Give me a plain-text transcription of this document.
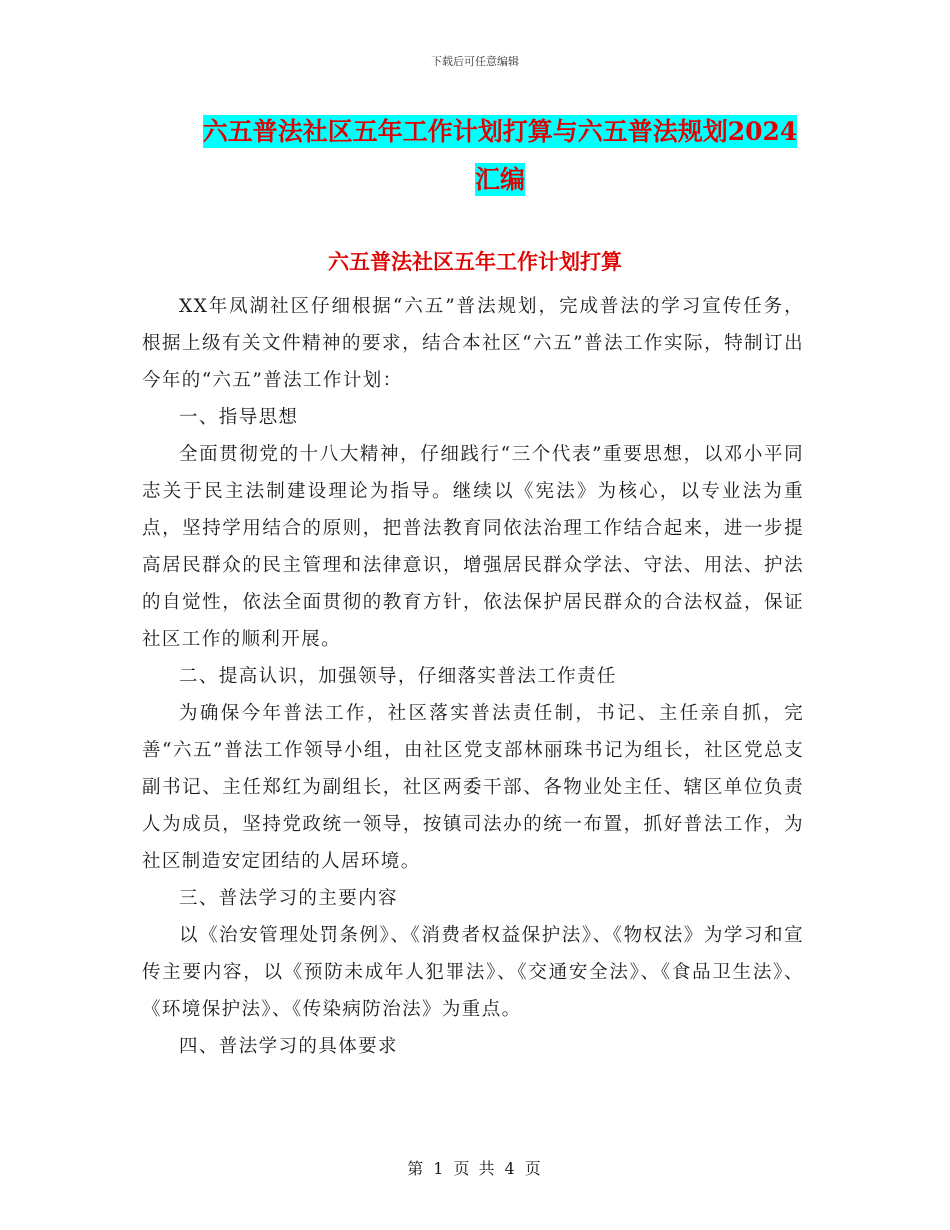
下载后可任意编辑
六五普法社区五年工作计划打算与六五普法规划2024
汇编
六五普法社区五年工作计划打算

XX年凤湖社区仔细根据“六五”普法规划，完成普法的学习宣传任务，根据上级有关文件精神的要求，结合本社区“六五”普法工作实际，特制订出今年的“六五”普法工作计划：

一、指导思想

全面贯彻党的十八大精神，仔细践行“三个代表”重要思想，以邓小平同志关于民主法制建设理论为指导。继续以《宪法》为核心，以专业法为重点，坚持学用结合的原则，把普法教育同依法治理工作结合起来，进一步提高居民群众的民主管理和法律意识，增强居民群众学法、守法、用法、护法的自觉性，依法全面贯彻的教育方针，依法保护居民群众的合法权益，保证社区工作的顺利开展。

二、提高认识，加强领导，仔细落实普法工作责任

为确保今年普法工作，社区落实普法责任制，书记、主任亲自抓，完善“六五”普法工作领导小组，由社区党支部林丽珠书记为组长，社区党总支副书记、主任郑红为副组长，社区两委干部、各物业处主任、辖区单位负责人为成员，坚持党政统一领导，按镇司法办的统一布置，抓好普法工作，为社区制造安定团结的人居环境。

三、普法学习的主要内容

以《治安管理处罚条例》、《消费者权益保护法》、《物权法》为学习和宣传主要内容，以《预防未成年人犯罪法》、《交通安全法》、《食品卫生法》、《环境保护法》、《传染病防治法》为重点。

四、普法学习的具体要求

第 1 页 共 4 页
